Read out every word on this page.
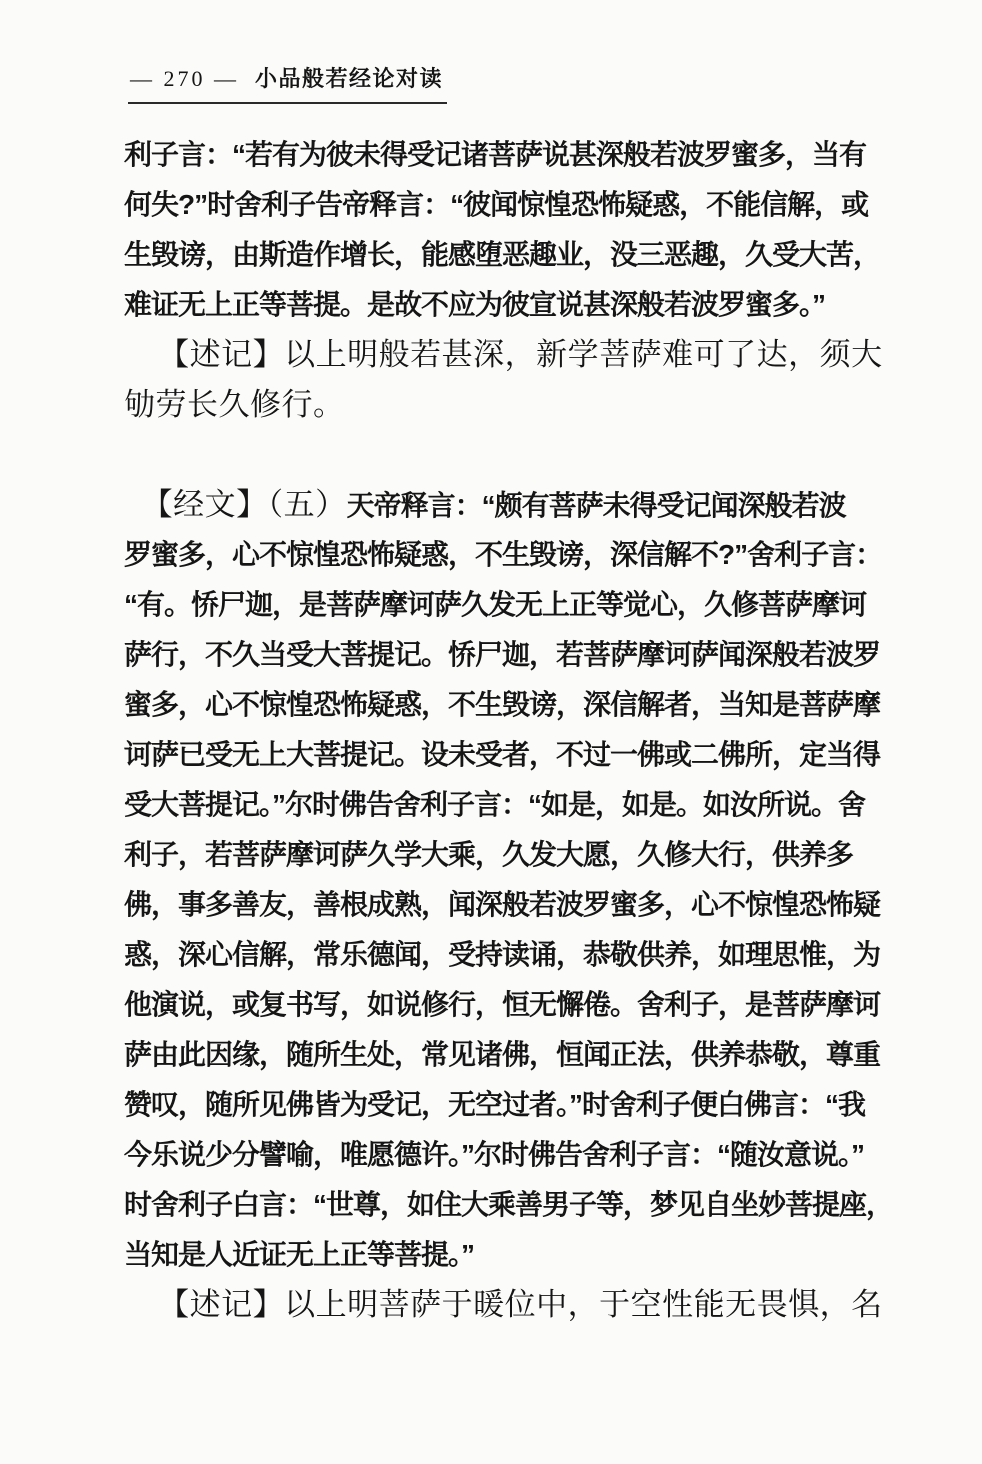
— 270 — 小品般若经论对读
利子言：“若有为彼未得受记诸菩萨说甚深般若波罗蜜多，当有
何失?”时舍利子告帝释言：“彼闻惊惶恐怖疑惑，不能信解，或
生毁谤，由斯造作增长，能感堕恶趣业，没三恶趣，久受大苦，
难证无上正等菩提。是故不应为彼宣说甚深般若波罗蜜多。”
【述记】以上明般若甚深，新学菩萨难可了达，须大
劬劳长久修行。
【经文】（五）天帝释言：“颇有菩萨未得受记闻深般若波
罗蜜多，心不惊惶恐怖疑惑，不生毁谤，深信解不?”舍利子言：
“有。㤭尸迦，是菩萨摩诃萨久发无上正等觉心，久修菩萨摩诃
萨行，不久当受大菩提记。㤭尸迦，若菩萨摩诃萨闻深般若波罗
蜜多，心不惊惶恐怖疑惑，不生毁谤，深信解者，当知是菩萨摩
诃萨已受无上大菩提记。设未受者，不过一佛或二佛所，定当得
受大菩提记。”尔时佛告舍利子言：“如是，如是。如汝所说。舍
利子，若菩萨摩诃萨久学大乘，久发大愿，久修大行，供养多
佛，事多善友，善根成熟，闻深般若波罗蜜多，心不惊惶恐怖疑
惑，深心信解，常乐德闻，受持读诵，恭敬供养，如理思惟，为
他演说，或复书写，如说修行，恒无懈倦。舍利子，是菩萨摩诃
萨由此因缘，随所生处，常见诸佛，恒闻正法，供养恭敬，尊重
赞叹，随所见佛皆为受记，无空过者。”时舍利子便白佛言：“我
今乐说少分譬喻，唯愿德许。”尔时佛告舍利子言：“随汝意说。”
时舍利子白言：“世尊，如住大乘善男子等，梦见自坐妙菩提座，
当知是人近证无上正等菩提。”
【述记】以上明菩萨于暖位中，于空性能无畏惧，名
